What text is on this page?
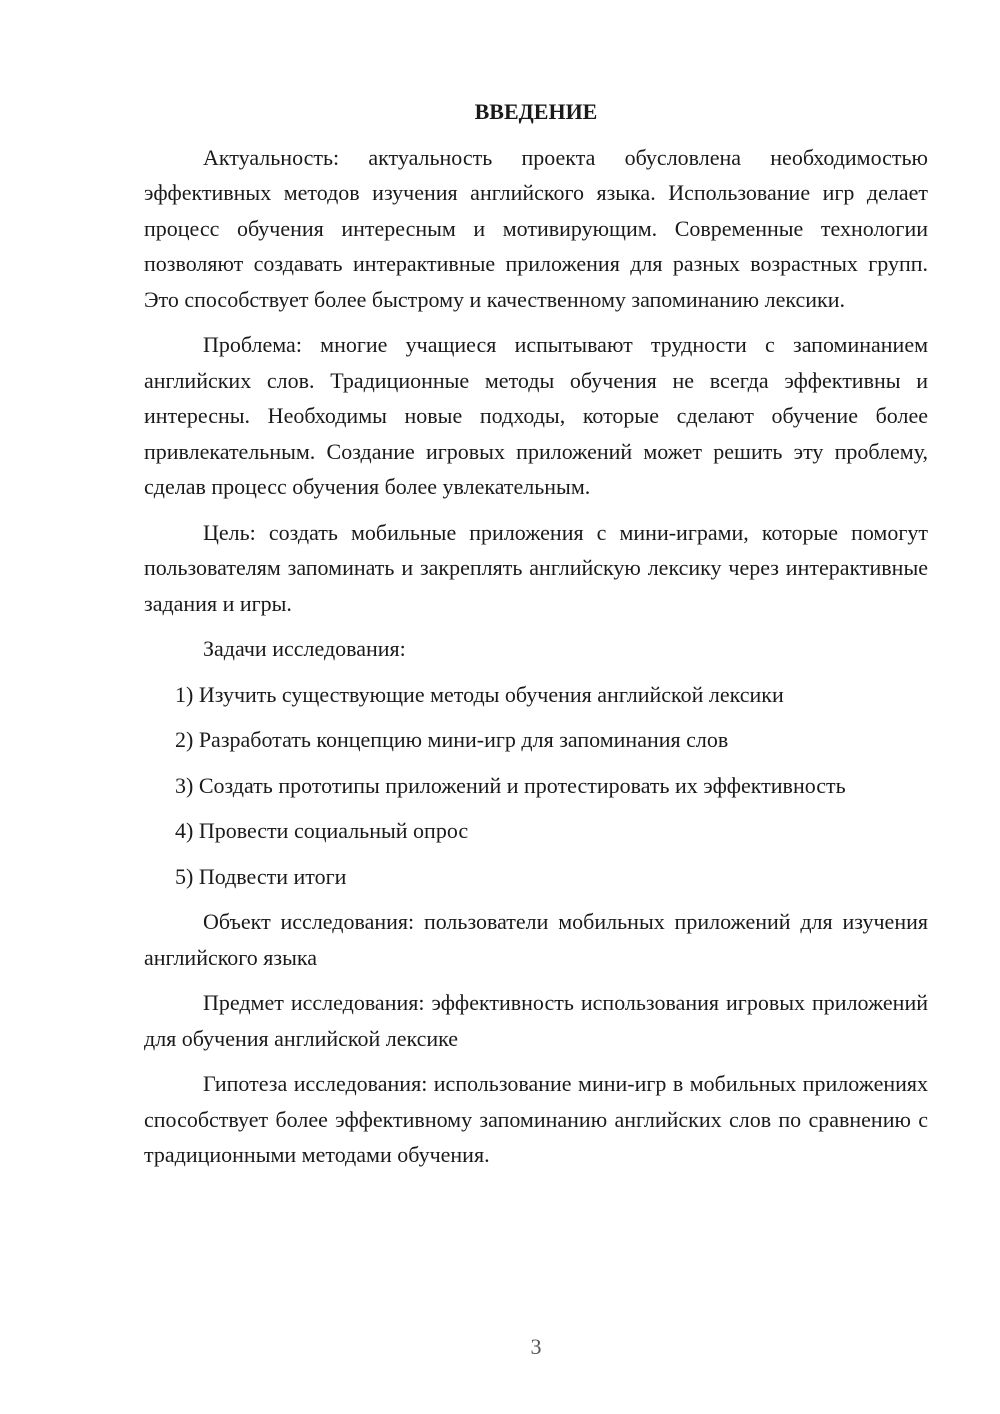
ВВЕДЕНИЕ

Актуальность: актуальность проекта обусловлена необходимостью эффективных методов изучения английского языка. Использование игр делает процесс обучения интересным и мотивирующим. Современные технологии позволяют создавать интерактивные приложения для разных возрастных групп. Это способствует более быстрому и качественному запоминанию лексики.

Проблема: многие учащиеся испытывают трудности с запоминанием английских слов. Традиционные методы обучения не всегда эффективны и интересны. Необходимы новые подходы, которые сделают обучение более привлекательным. Создание игровых приложений может решить эту проблему, сделав процесс обучения более увлекательным.

Цель: создать мобильные приложения с мини-играми, которые помогут пользователям запоминать и закреплять английскую лексику через интерактивные задания и игры.

Задачи исследования:

1) Изучить существующие методы обучения английской лексики

2) Разработать концепцию мини-игр для запоминания слов

3) Создать прототипы приложений и протестировать их эффективность

4) Провести социальный опрос

5) Подвести итоги

Объект исследования: пользователи мобильных приложений для изучения английского языка

Предмет исследования: эффективность использования игровых приложений для обучения английской лексике

Гипотеза исследования: использование мини-игр в мобильных приложениях способствует более эффективному запоминанию английских слов по сравнению с традиционными методами обучения.

3
